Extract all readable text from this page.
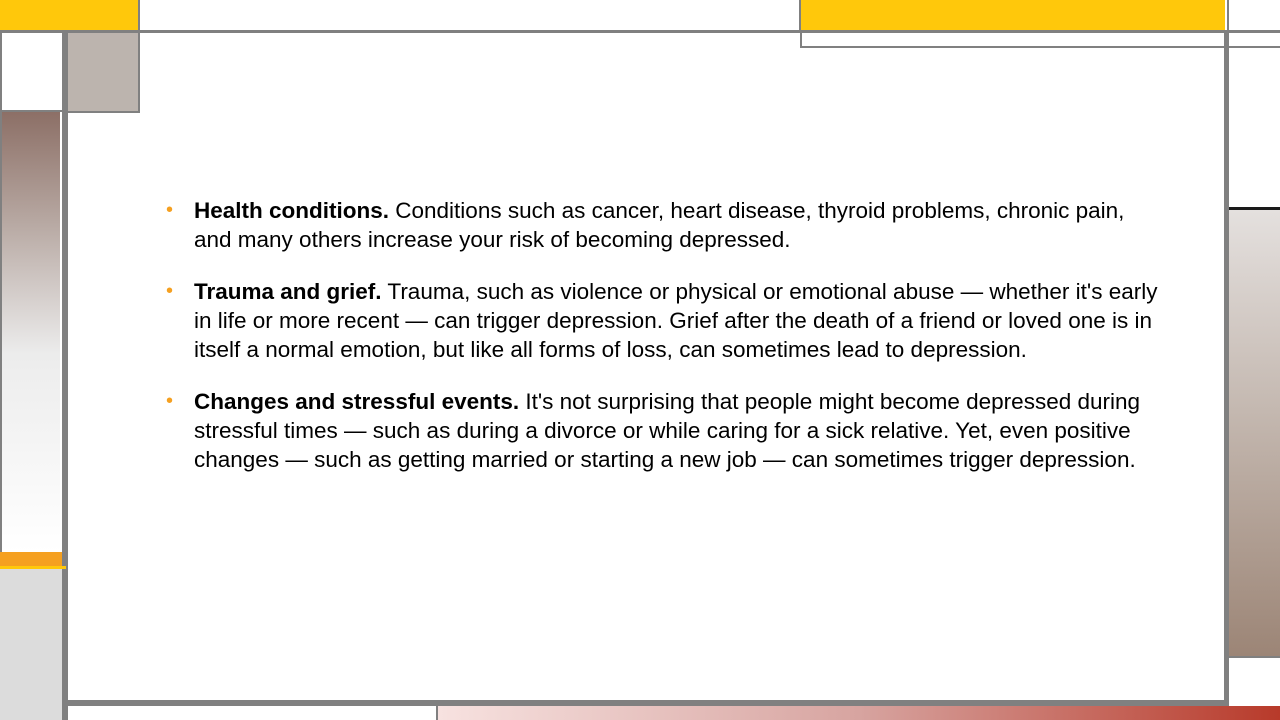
• Health conditions. Conditions such as cancer, heart disease, thyroid problems, chronic pain, and many others increase your risk of becoming depressed.
• Trauma and grief. Trauma, such as violence or physical or emotional abuse — whether it's early in life or more recent — can trigger depression. Grief after the death of a friend or loved one is in itself a normal emotion, but like all forms of loss, can sometimes lead to depression.
• Changes and stressful events. It's not surprising that people might become depressed during stressful times — such as during a divorce or while caring for a sick relative. Yet, even positive changes — such as getting married or starting a new job — can sometimes trigger depression.
